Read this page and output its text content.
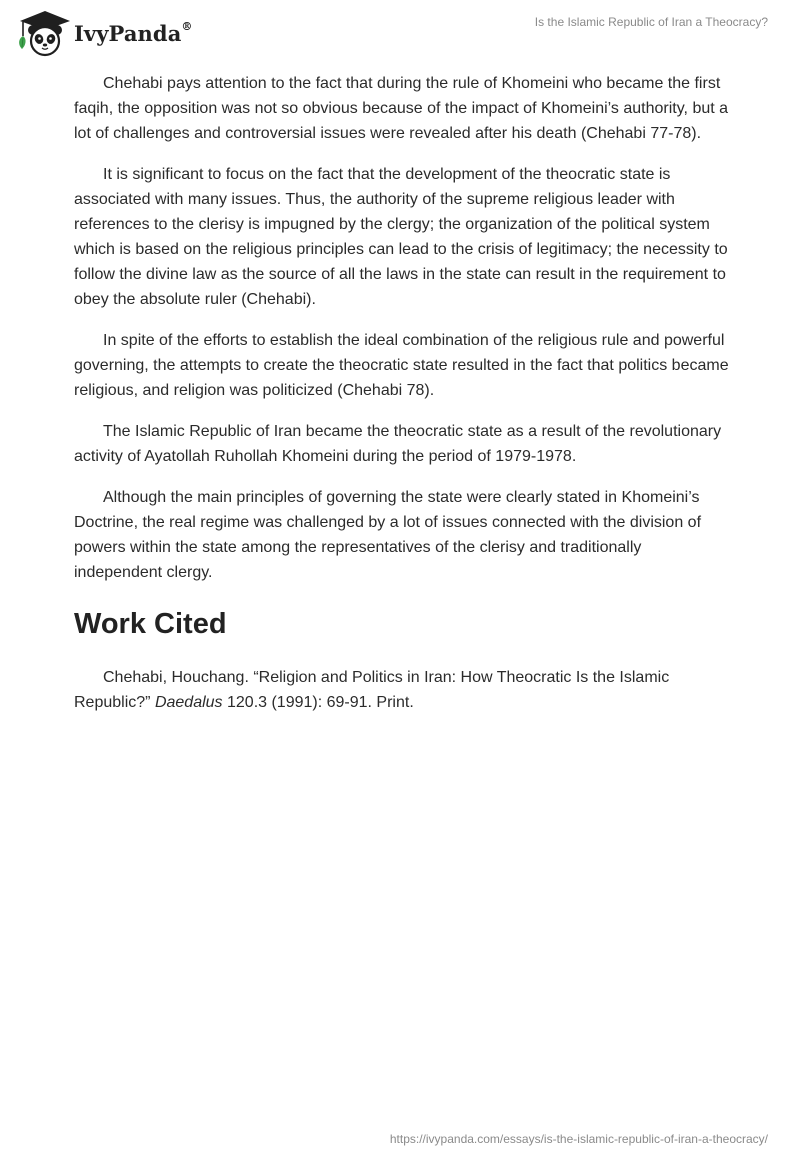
IvyPanda®	Is the Islamic Republic of Iran a Theocracy?

Chehabi pays attention to the fact that during the rule of Khomeini who became the first faqih, the opposition was not so obvious because of the impact of Khomeini’s authority, but a lot of challenges and controversial issues were revealed after his death (Chehabi 77-78).

It is significant to focus on the fact that the development of the theocratic state is associated with many issues. Thus, the authority of the supreme religious leader with references to the clerisy is impugned by the clergy; the organization of the political system which is based on the religious principles can lead to the crisis of legitimacy; the necessity to follow the divine law as the source of all the laws in the state can result in the requirement to obey the absolute ruler (Chehabi).

In spite of the efforts to establish the ideal combination of the religious rule and powerful governing, the attempts to create the theocratic state resulted in the fact that politics became religious, and religion was politicized (Chehabi 78).

The Islamic Republic of Iran became the theocratic state as a result of the revolutionary activity of Ayatollah Ruhollah Khomeini during the period of 1979-1978.

Although the main principles of governing the state were clearly stated in Khomeini’s Doctrine, the real regime was challenged by a lot of issues connected with the division of powers within the state among the representatives of the clerisy and traditionally independent clergy.

Work Cited

Chehabi, Houchang. “Religion and Politics in Iran: How Theocratic Is the Islamic Republic?” Daedalus 120.3 (1991): 69-91. Print.

https://ivypanda.com/essays/is-the-islamic-republic-of-iran-a-theocracy/
